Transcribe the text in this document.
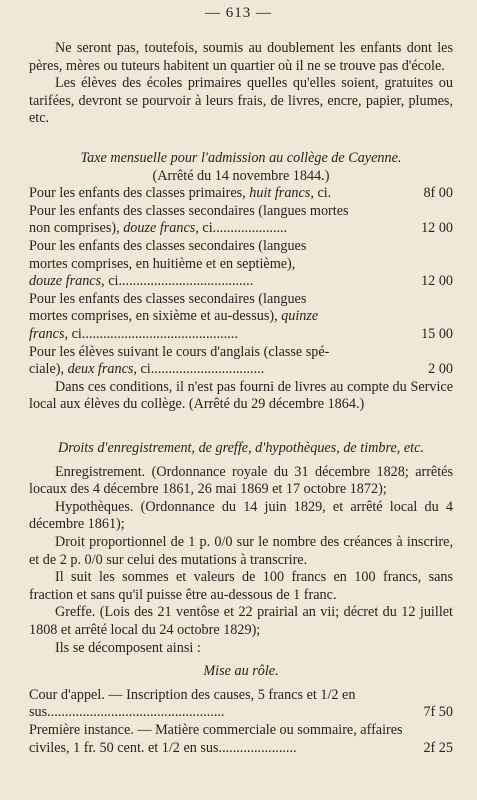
— 613 —

Ne seront pas, toutefois, soumis au doublement les enfants dont les pères, mères ou tuteurs habitent un quartier où il ne se trouve pas d'école.

Les élèves des écoles primaires quelles qu'elles soient, gratuites ou tarifées, devront se pourvoir à leurs frais, de livres, encre, papier, plumes, etc.

Taxe mensuelle pour l'admission au collège de Cayenne.

(Arrêté du 14 novembre 1844.)

Pour les enfants des classes primaires, huit francs, ci.	8f 00
Pour les enfants des classes secondaires (langues mortes
non comprises), douze francs, ci.....................	12 00
Pour les enfants des classes secondaires (langues
mortes comprises, en huitième et en septième),
douze francs, ci......................................	12 00
Pour les enfants des classes secondaires (langues
mortes comprises, en sixième et au-dessus), quinze
francs, ci............................................	15 00
Pour les élèves suivant le cours d'anglais (classe spé-
ciale), deux francs, ci................................	2 00

Dans ces conditions, il n'est pas fourni de livres au compte du Service local aux élèves du collège. (Arrêté du 29 décembre 1864.)

Droits d'enregistrement, de greffe, d'hypothèques, de timbre, etc.

Enregistrement. (Ordonnance royale du 31 décembre 1828; arrêtés locaux des 4 décembre 1861, 26 mai 1869 et 17 octobre 1872);

Hypothèques. (Ordonnance du 14 juin 1829, et arrêté local du 4 décembre 1861);

Droit proportionnel de 1 p. 0/0 sur le nombre des créances à inscrire, et de 2 p. 0/0 sur celui des mutations à transcrire.

Il suit les sommes et valeurs de 100 francs en 100 francs, sans fraction et sans qu'il puisse être au-dessous de 1 franc.

Greffe. (Lois des 21 ventôse et 22 prairial an vii; décret du 12 juillet 1808 et arrêté local du 24 octobre 1829);

Ils se décomposent ainsi :

Mise au rôle.

Cour d'appel. — Inscription des causes, 5 francs et 1/2 en
sus..................................................	7f 50
Première instance. — Matière commerciale ou sommaire, affaires
civiles, 1 fr. 50 cent. et 1/2 en sus......................	2f 25
